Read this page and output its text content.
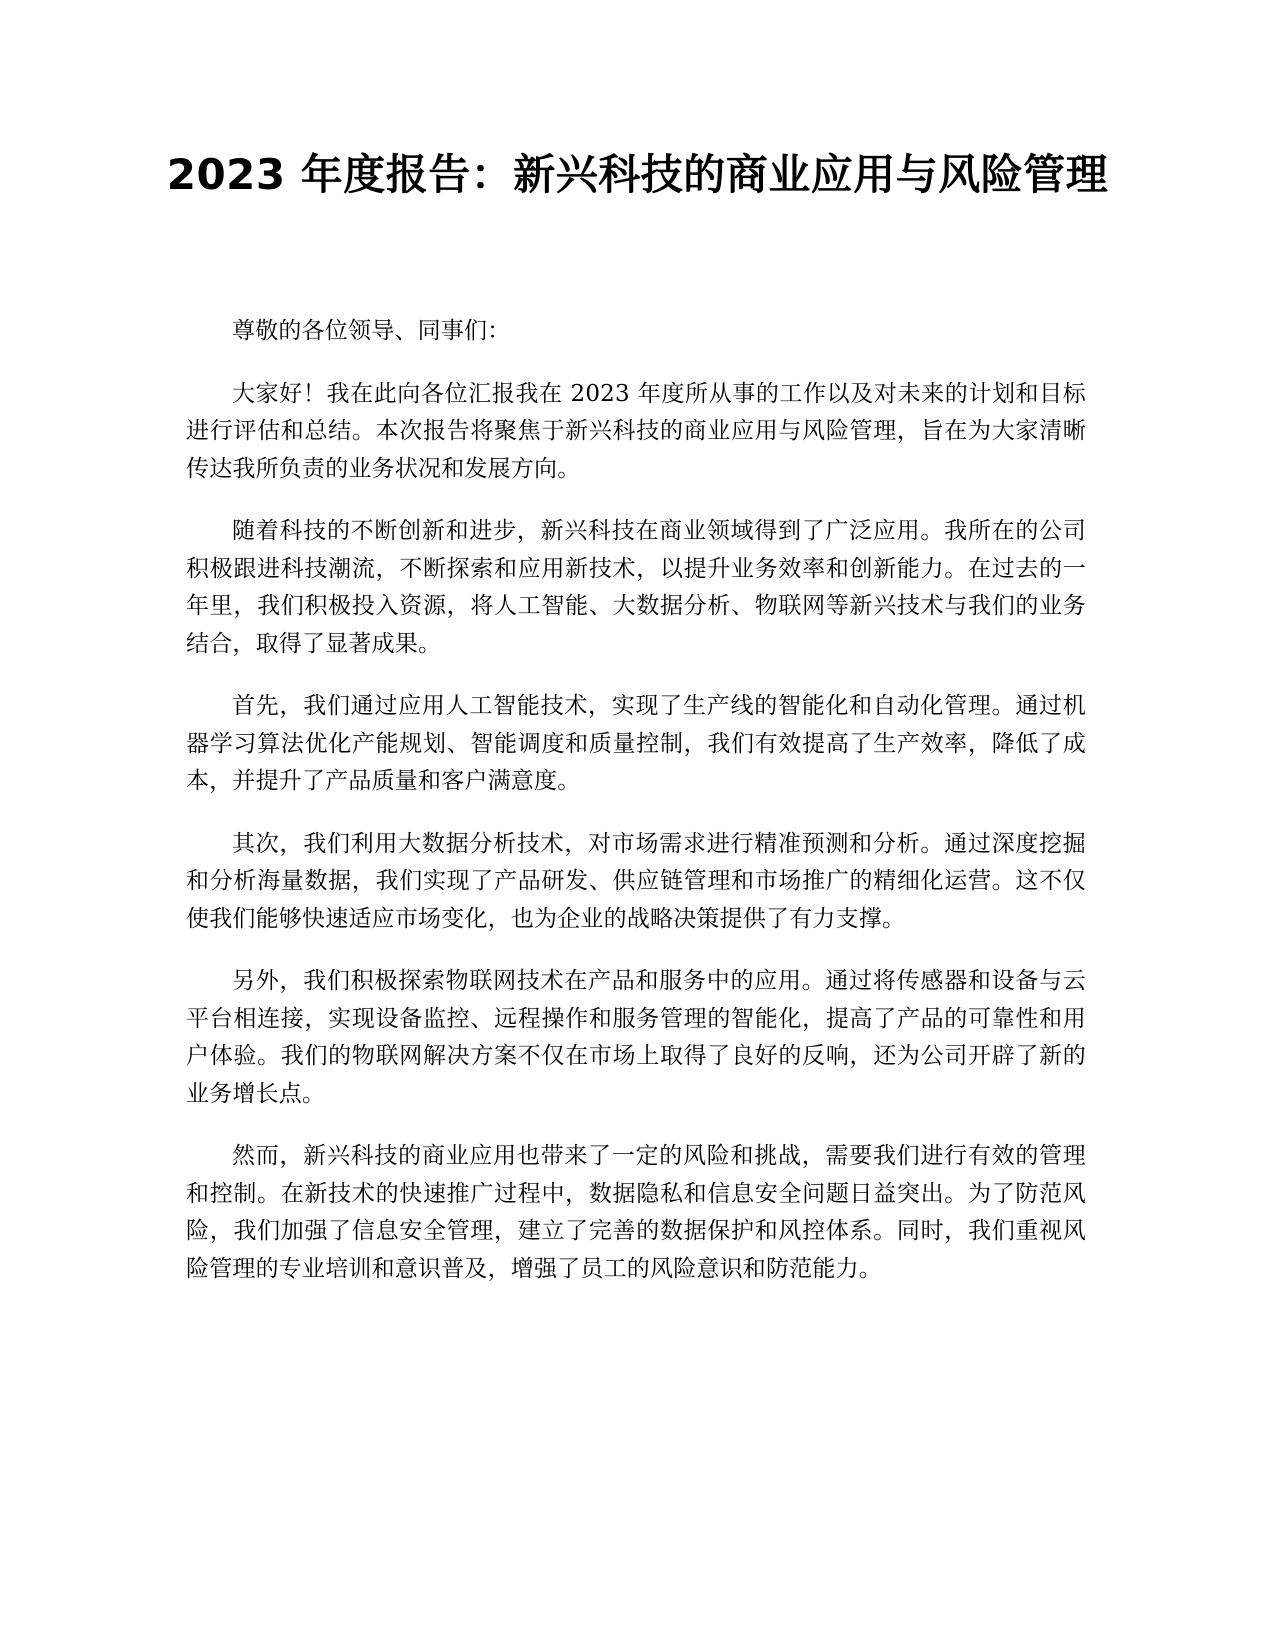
2023 年度报告：新兴科技的商业应用与风险管理

尊敬的各位领导、同事们：

大家好！我在此向各位汇报我在 2023 年度所从事的工作以及对未来的计划和目标进行评估和总结。本次报告将聚焦于新兴科技的商业应用与风险管理，旨在为大家清晰传达我所负责的业务状况和发展方向。

随着科技的不断创新和进步，新兴科技在商业领域得到了广泛应用。我所在的公司积极跟进科技潮流，不断探索和应用新技术，以提升业务效率和创新能力。在过去的一年里，我们积极投入资源，将人工智能、大数据分析、物联网等新兴技术与我们的业务结合，取得了显著成果。

首先，我们通过应用人工智能技术，实现了生产线的智能化和自动化管理。通过机器学习算法优化产能规划、智能调度和质量控制，我们有效提高了生产效率，降低了成本，并提升了产品质量和客户满意度。

其次，我们利用大数据分析技术，对市场需求进行精准预测和分析。通过深度挖掘和分析海量数据，我们实现了产品研发、供应链管理和市场推广的精细化运营。这不仅使我们能够快速适应市场变化，也为企业的战略决策提供了有力支撑。

另外，我们积极探索物联网技术在产品和服务中的应用。通过将传感器和设备与云平台相连接，实现设备监控、远程操作和服务管理的智能化，提高了产品的可靠性和用户体验。我们的物联网解决方案不仅在市场上取得了良好的反响，还为公司开辟了新的业务增长点。

然而，新兴科技的商业应用也带来了一定的风险和挑战，需要我们进行有效的管理和控制。在新技术的快速推广过程中，数据隐私和信息安全问题日益突出。为了防范风险，我们加强了信息安全管理，建立了完善的数据保护和风控体系。同时，我们重视风险管理的专业培训和意识普及，增强了员工的风险意识和防范能力。
